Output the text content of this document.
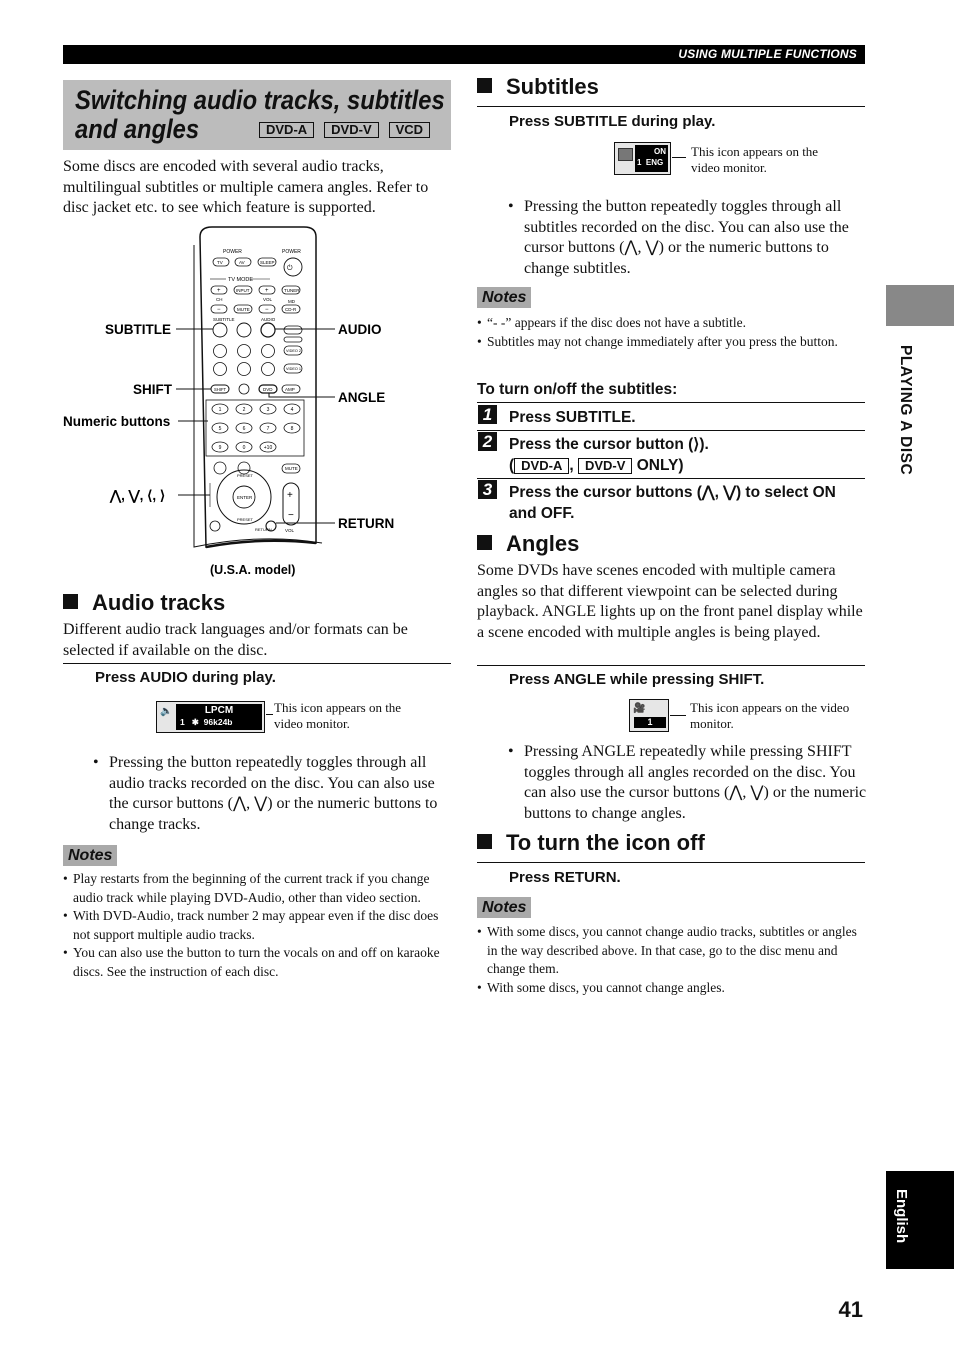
USING MULTIPLE FUNCTIONS
Switching audio tracks, subtitles
and angles	DVD-A	DVD-V	VCD

Some discs are encoded with several audio tracks, multilingual subtitles or multiple camera angles. Refer to disc jacket etc. to see which feature is supported.

POWER	POWER
TV	AV	SLEEP
⏻
TV MODE
+	INPUT	+	TUNER
CH	VOL	MD
−	MUTE	−	CD-R
SUBTITLE	AUDIO
VIDEO 2
VIDEO 1
SHIFT	DVD	AMP
1	2	3	4
5	6	7	8
9	0	+10
MUTE
ENTER
PRESET
PRESET
RETURN
+
−
VOL
SUBTITLE
SHIFT
Numeric buttons
⋀, ⋁, ⟨, ⟩
AUDIO
ANGLE
RETURN
(U.S.A. model)
Audio tracks

Different audio track languages and/or formats can be selected if available on the disc.

Press AUDIO during play.
🔈	LPCM
1   ✱  96k24b
This icon appears on the video monitor.
• Pressing the button repeatedly toggles through all audio tracks recorded on the disc. You can also use the cursor buttons (⋀, ⋁) or the numeric buttons to change tracks.
Notes
• Play restarts from the beginning of the current track if you change audio track while playing DVD-Audio, other than video section.
• With DVD-Audio, track number 2 may appear even if the disc does not support multiple audio tracks.
• You can also use the button to turn the vocals on and off on karaoke discs. See the instruction of each disc.
Subtitles
Press SUBTITLE during play.
ON
1  ENG
This icon appears on the video monitor.
• Pressing the button repeatedly toggles through all subtitles recorded on the disc. You can also use the cursor buttons (⋀, ⋁) or the numeric buttons to change subtitles.
Notes
• “- -” appears if the disc does not have a subtitle.
• Subtitles may not change immediately after you press the button.
To turn on/off the subtitles:
1	Press SUBTITLE.
2	Press the cursor button (⟩).
( DVD-A , DVD-V ONLY)
3	Press the cursor buttons (⋀, ⋁) to select ON and OFF.
Angles

Some DVDs have scenes encoded with multiple camera angles so that different viewpoint can be selected during playback. ANGLE lights up on the front panel display while a scene encoded with multiple angles is being played.

Press ANGLE while pressing SHIFT.
🎥
1
This icon appears on the video monitor.
• Pressing ANGLE repeatedly while pressing SHIFT toggles through all angles recorded on the disc. You can also use the cursor buttons (⋀, ⋁) or the numeric buttons to change angles.
To turn the icon off
Press RETURN.
Notes
• With some discs, you cannot change audio tracks, subtitles or angles in the way described above. In that case, go to the disc menu and change them.
• With some discs, you cannot change angles.
PLAYING A DISC
English
41
